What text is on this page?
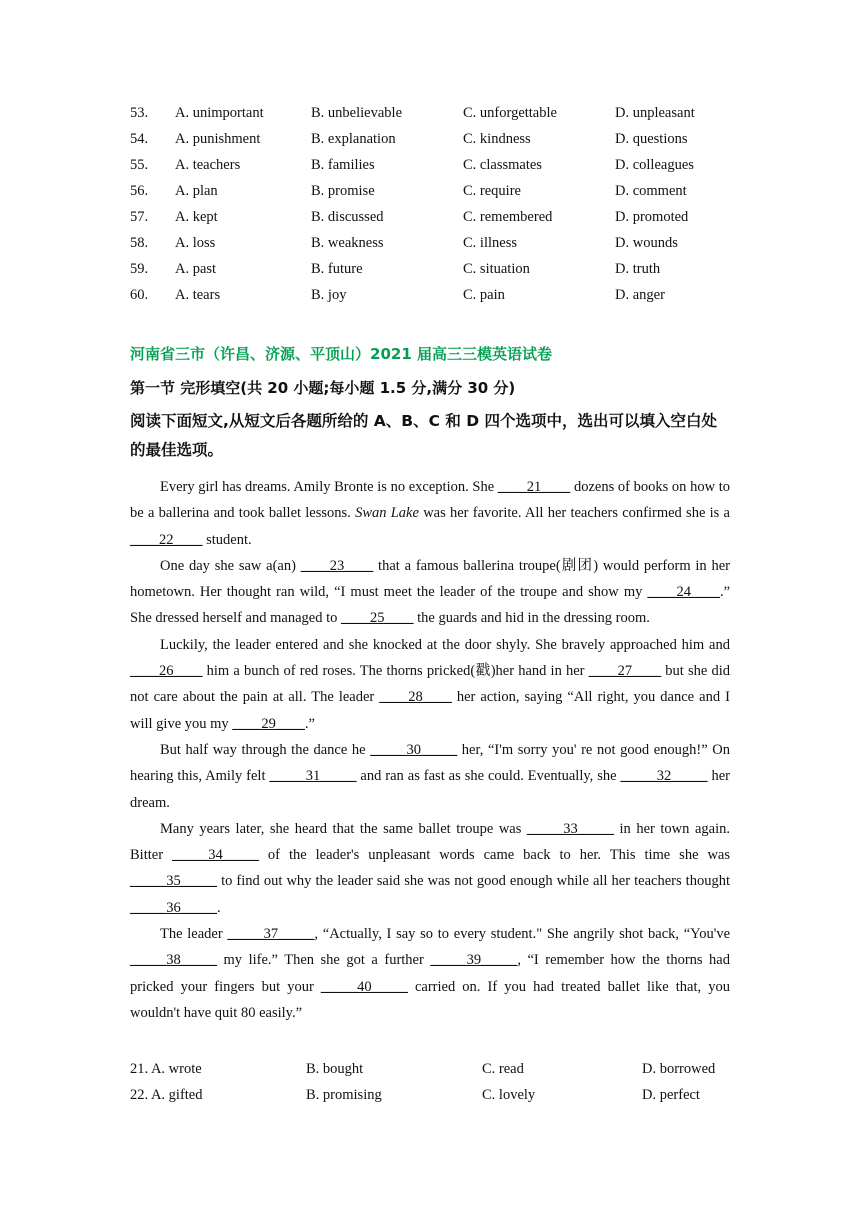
53. A. unimportant	B. unbelievable	C. unforgettable	D. unpleasant
54. A. punishment	B. explanation	C. kindness	D. questions
55. A. teachers	B. families	C. classmates	D. colleagues
56. A. plan	B. promise	C. require	D. comment
57. A. kept	B. discussed	C. remembered	D. promoted
58. A. loss	B. weakness	C. illness	D. wounds
59. A. past	B. future	C. situation	D. truth
60. A. tears	B. joy	C. pain	D. anger
河南省三市（许昌、济源、平顶山）2021 届高三三模英语试卷
第一节 完形填空(共 20 小题;每小题 1.5 分,满分 30 分)
阅读下面短文,从短文后各题所给的 A、B、C 和 D 四个选项中，选出可以填入空白处的最佳选项。

Every girl has dreams. Amily Bronte is no exception. She ____21____ dozens of books on how to be a ballerina and took ballet lessons. Swan Lake was her favorite. All her teachers confirmed she is a ____22____ student.

One day she saw a(an) ____23____ that a famous ballerina troupe(剧团) would perform in her hometown. Her thought ran wild, “I must meet the leader of the troupe and show my ____24____.” She dressed herself and managed to ____25____ the guards and hid in the dressing room.

Luckily, the leader entered and she knocked at the door shyly. She bravely approached him and ____26____ him a bunch of red roses. The thorns pricked(戳)her hand in her ____27____ but she did not care about the pain at all. The leader ____28____ her action, saying “All right, you dance and I will give you my ____29____.”

But half way through the dance he _____30_____ her, “I'm sorry you' re not good enough!” On hearing this, Amily felt _____31_____ and ran as fast as she could. Eventually, she _____32_____ her dream.

Many years later, she heard that the same ballet troupe was _____33_____ in her town again. Bitter _____34_____ of the leader's unpleasant words came back to her. This time she was _____35_____ to find out why the leader said she was not good enough while all her teachers thought _____36_____.

The leader _____37_____, “Actually, I say so to every student." She angrily shot back, “You've _____38_____ my life.” Then she got a further _____39_____, “I remember how the thorns had pricked your fingers but your _____40_____ carried on. If you had treated ballet like that, you wouldn't have quit 80 easily.”

21. A. wrote	B. bought	C. read	D. borrowed
22. A. gifted	B. promising	C. lovely	D. perfect
